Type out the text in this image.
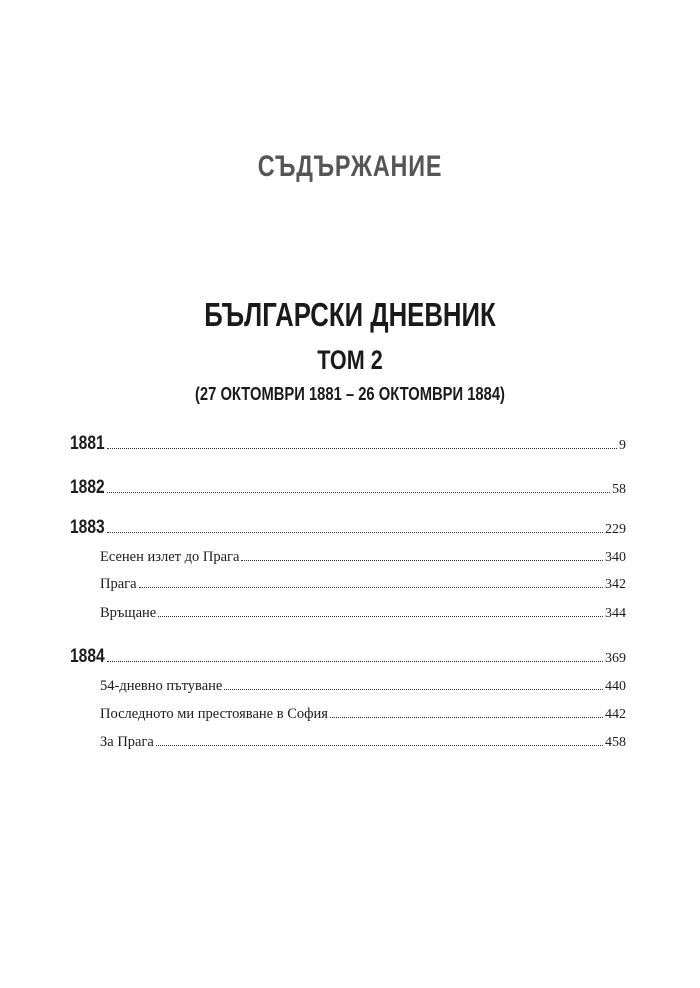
СЪДЪРЖАНИЕ
БЪЛГАРСКИ ДНЕВНИК
ТОМ 2
(27 ОКТОМВРИ 1881 – 26 ОКТОМВРИ 1884)
1881	9
1882	58
1883	229
Есенен излет до Прага	340
Прага	342
Връщане	344
1884	369
54-дневно пътуване	440
Последното ми престояване в София	442
За Прага	458
